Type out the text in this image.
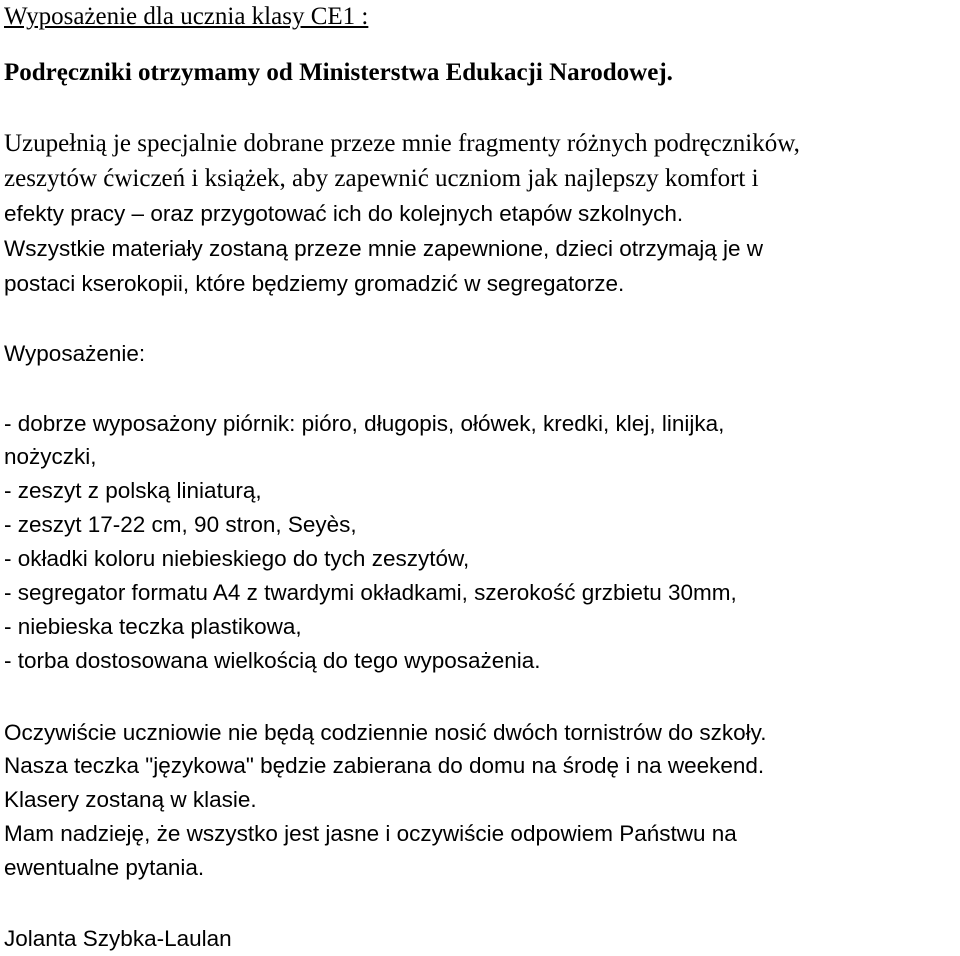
Wyposażenie dla ucznia klasy CE1 :
Podręczniki otrzymamy od Ministerstwa Edukacji Narodowej.
Uzupełnią je specjalnie dobrane przeze mnie fragmenty różnych podręczników,
zeszytów ćwiczeń i książek, aby zapewnić uczniom jak najlepszy komfort i
efekty pracy – oraz przygotować ich do kolejnych etapów szkolnych.
Wszystkie materiały zostaną przeze mnie zapewnione, dzieci otrzymają je w
postaci kserokopii, które będziemy gromadzić w segregatorze.
Wyposażenie:
- dobrze wyposażony piórnik: pióro, długopis, ołówek, kredki, klej, linijka,
nożyczki,
- zeszyt z polską liniaturą,
- zeszyt 17-22 cm, 90 stron, Seyès,
- okładki koloru niebieskiego do tych zeszytów,
- segregator formatu A4 z twardymi okładkami, szerokość grzbietu 30mm,
- niebieska teczka plastikowa,
- torba dostosowana wielkością do tego wyposażenia.
Oczywiście uczniowie nie będą codziennie nosić dwóch tornistrów do szkoły.
Nasza teczka "językowa" będzie zabierana do domu na środę i na weekend.
Klasery zostaną w klasie.
Mam nadzieję, że wszystko jest jasne i oczywiście odpowiem Państwu na
ewentualne pytania.
Jolanta Szybka-Laulan
